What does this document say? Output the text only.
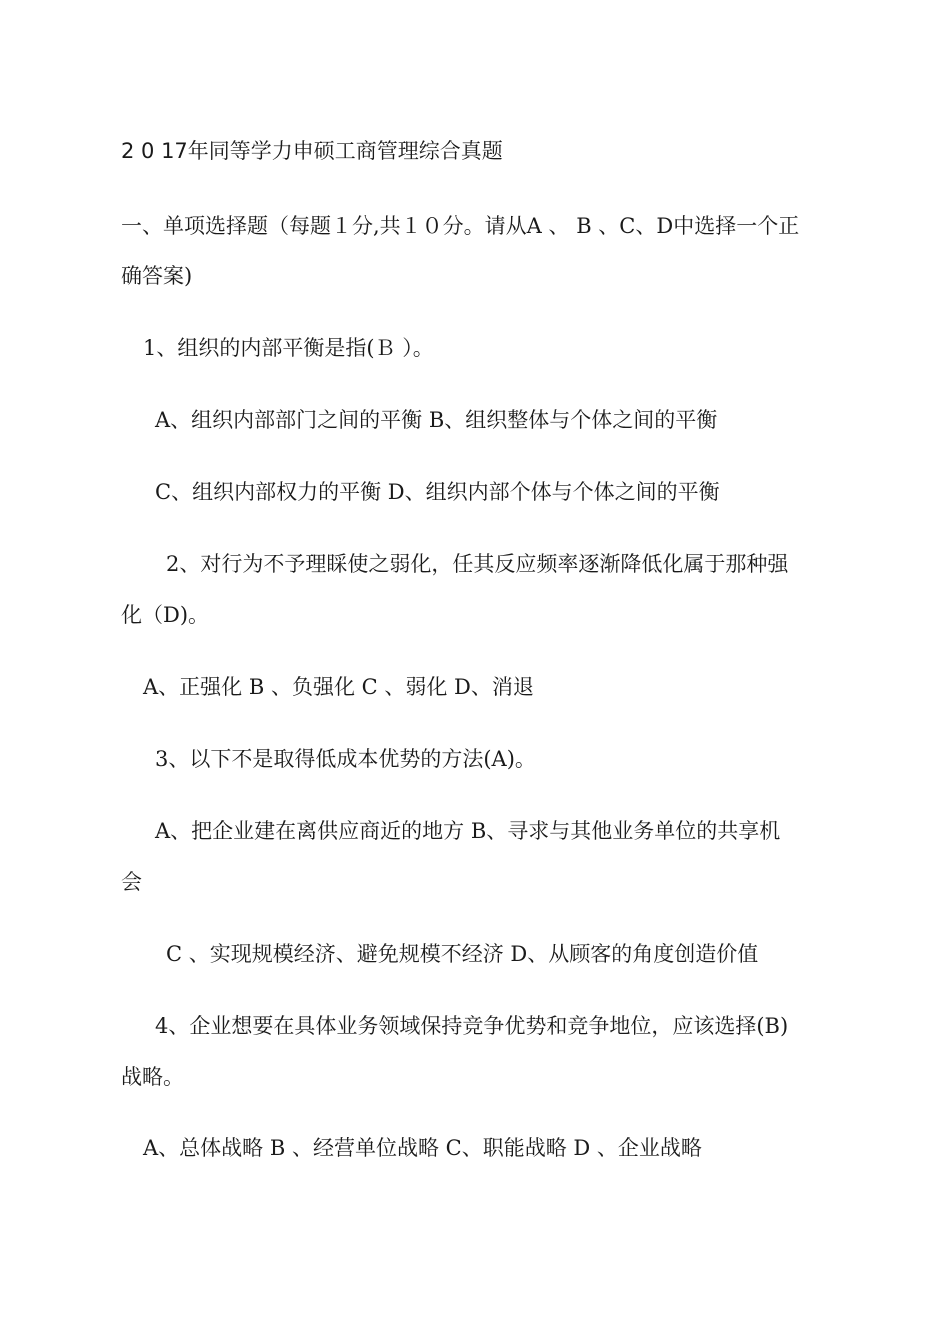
2 0 17年同等学力申硕工商管理综合真题
一、单项选择题（每题１分,共１０分。请从A 、 B 、C、D中选择一个正
确答案)
1、组织的内部平衡是指(Ｂ ）。
A、组织内部部门之间的平衡 B、组织整体与个体之间的平衡
C、组织内部权力的平衡 D、组织内部个体与个体之间的平衡
2、对行为不予理睬使之弱化，任其反应频率逐渐降低化属于那种强
化（D)。
A、正强化 B 、负强化 C 、弱化 D、消退
3、以下不是取得低成本优势的方法(A)。
A、把企业建在离供应商近的地方 B、寻求与其他业务单位的共享机
会
C 、实现规模经济、避免规模不经济 D、从顾客的角度创造价值
4、企业想要在具体业务领域保持竞争优势和竞争地位，应该选择(B)
战略。
A、总体战略 B 、经营单位战略 C、职能战略 D 、企业战略
